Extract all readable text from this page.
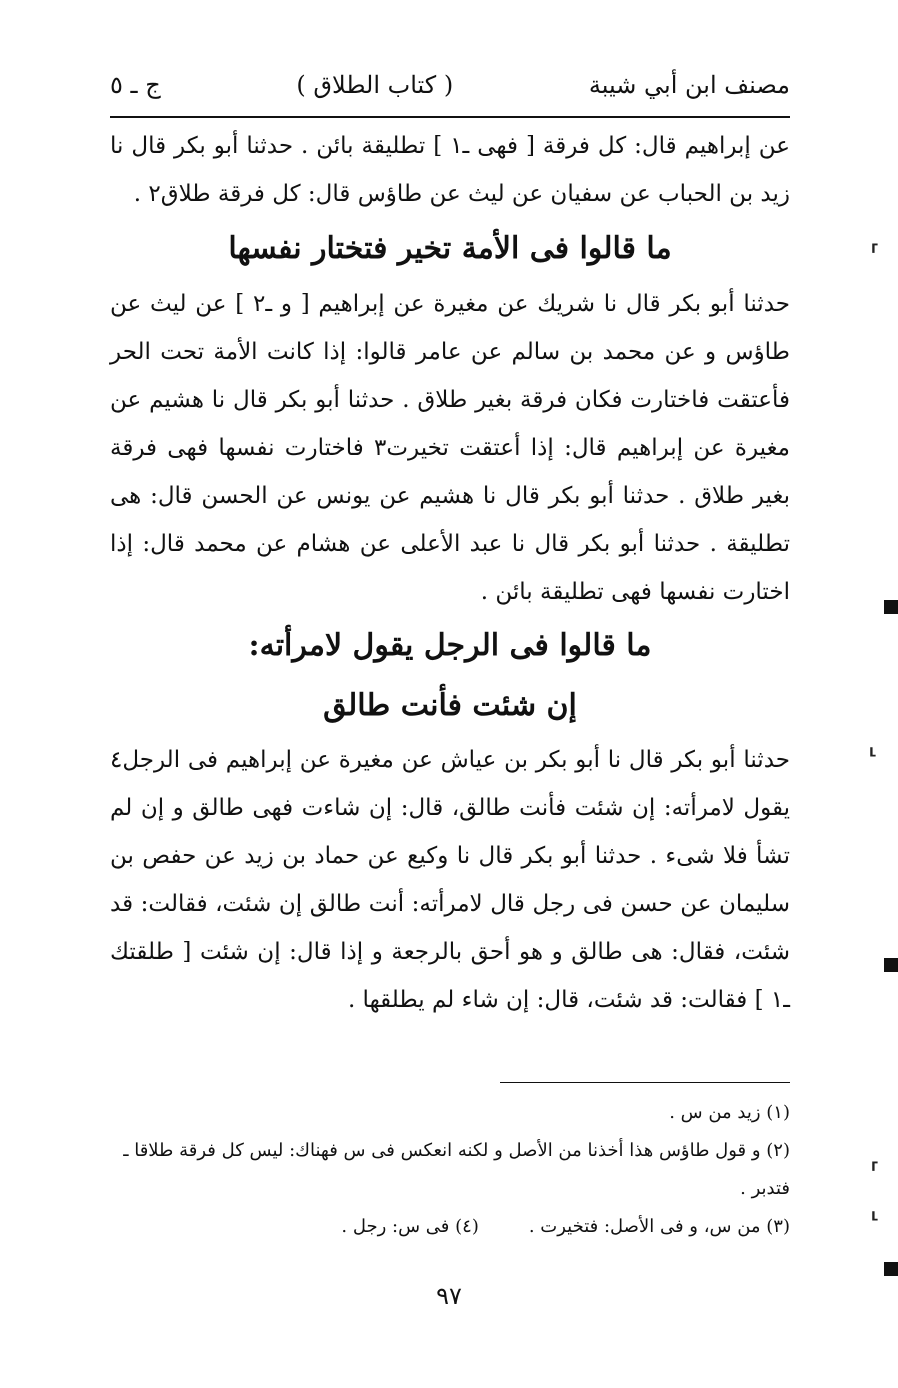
مصنف ابن أبي شيبة
( كتاب الطلاق )
ج ـ ٥

عن إبراهيم قال: كل فرقة [ فهى ـ١ ] تطليقة بائن . حدثنا أبو بكر قال نا زيد بن الحباب عن سفيان عن ليث عن طاؤس قال: كل فرقة طلاق٢ .

ما قالوا فى الأمة تخير فتختار نفسها

حدثنا أبو بكر قال نا شريك عن مغيرة عن إبراهيم [ و ـ٢ ] عن ليث عن طاؤس و عن محمد بن سالم عن عامر قالوا: إذا كانت الأمة تحت الحر فأعتقت فاختارت فكان فرقة بغير طلاق . حدثنا أبو بكر قال نا هشيم عن مغيرة عن إبراهيم قال: إذا أعتقت تخيرت٣ فاختارت نفسها فهى فرقة بغير طلاق . حدثنا أبو بكر قال نا هشيم عن يونس عن الحسن قال: هى تطليقة . حدثنا أبو بكر قال نا عبد الأعلى عن هشام عن محمد قال: إذا اختارت نفسها فهى تطليقة بائن .

ما قالوا فى الرجل يقول لامرأته:

إن شئت فأنت طالق

حدثنا أبو بكر قال نا أبو بكر بن عياش عن مغيرة عن إبراهيم فى الرجل٤ يقول لامرأته: إن شئت فأنت طالق، قال: إن شاءت فهى طالق و إن لم تشأ فلا شىء . حدثنا أبو بكر قال نا وكيع عن حماد بن زيد عن حفص بن سليمان عن حسن فى رجل قال لامرأته: أنت طالق إن شئت، فقالت: قد شئت، فقال: هى طالق و هو أحق بالرجعة و إذا قال: إن شئت [ طلقتك ـ١ ] فقالت: قد شئت، قال: إن شاء لم يطلقها .

(١) زيد من س .

(٢) و قول طاؤس هذا أخذنا من الأصل و لكنه انعكس فى س فهناك: ليس كل فرقة طلاقا ـ فتدبر .

(٣) من س، و فى الأصل: فتخيرت .
(٤) فى س: رجل .
٩٧
⸢
⸤
⸢
⸤
